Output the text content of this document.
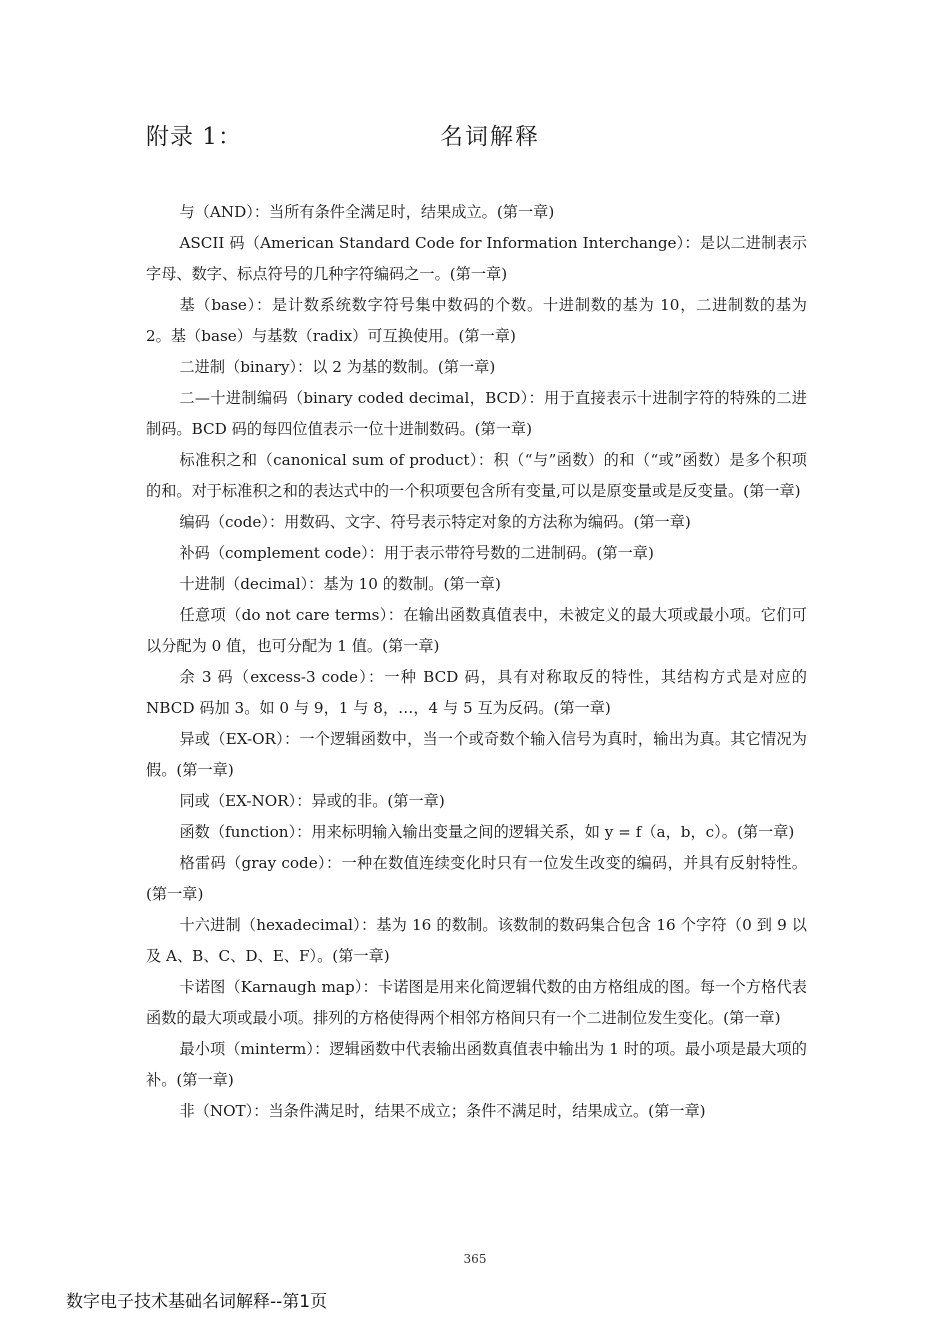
附录 1：	名词解释

与（AND）：当所有条件全满足时，结果成立。(第一章)

ASCII 码（American Standard Code for Information Interchange）：是以二进制表示字母、数字、标点符号的几种字符编码之一。(第一章)

基（base）：是计数系统数字符号集中数码的个数。十进制数的基为 10，二进制数的基为 2。基（base）与基数（radix）可互换使用。(第一章)

二进制（binary）：以 2 为基的数制。(第一章)

二—十进制编码（binary coded decimal，BCD）：用于直接表示十进制字符的特殊的二进制码。BCD 码的每四位值表示一位十进制数码。(第一章)

标准积之和（canonical sum of product）：积（“与”函数）的和（“或”函数）是多个积项的和。对于标准积之和的表达式中的一个积项要包含所有变量,可以是原变量或是反变量。(第一章)

编码（code）：用数码、文字、符号表示特定对象的方法称为编码。(第一章)

补码（complement code）：用于表示带符号数的二进制码。(第一章)

十进制（decimal）：基为 10 的数制。(第一章)

任意项（do not care terms）：在输出函数真值表中，未被定义的最大项或最小项。它们可以分配为 0 值，也可分配为 1 值。(第一章)

余 3 码（excess-3 code）：一种 BCD 码，具有对称取反的特性，其结构方式是对应的 NBCD 码加 3。如 0 与 9，1 与 8，…，4 与 5 互为反码。(第一章)

异或（EX-OR）：一个逻辑函数中，当一个或奇数个输入信号为真时，输出为真。其它情况为假。(第一章)

同或（EX-NOR）：异或的非。(第一章)

函数（function）：用来标明输入输出变量之间的逻辑关系，如 y = f（a，b，c）。(第一章)

格雷码（gray code）：一种在数值连续变化时只有一位发生改变的编码，并具有反射特性。(第一章)

十六进制（hexadecimal）：基为 16 的数制。该数制的数码集合包含 16 个字符（0 到 9 以及 A、B、C、D、E、F）。(第一章)

卡诺图（Karnaugh map）：卡诺图是用来化简逻辑代数的由方格组成的图。每一个方格代表函数的最大项或最小项。排列的方格使得两个相邻方格间只有一个二进制位发生变化。(第一章)

最小项（minterm）：逻辑函数中代表输出函数真值表中输出为 1 时的项。最小项是最大项的补。(第一章)

非（NOT）：当条件满足时，结果不成立；条件不满足时，结果成立。(第一章)

365
数字电子技术基础名词解释--第1页
